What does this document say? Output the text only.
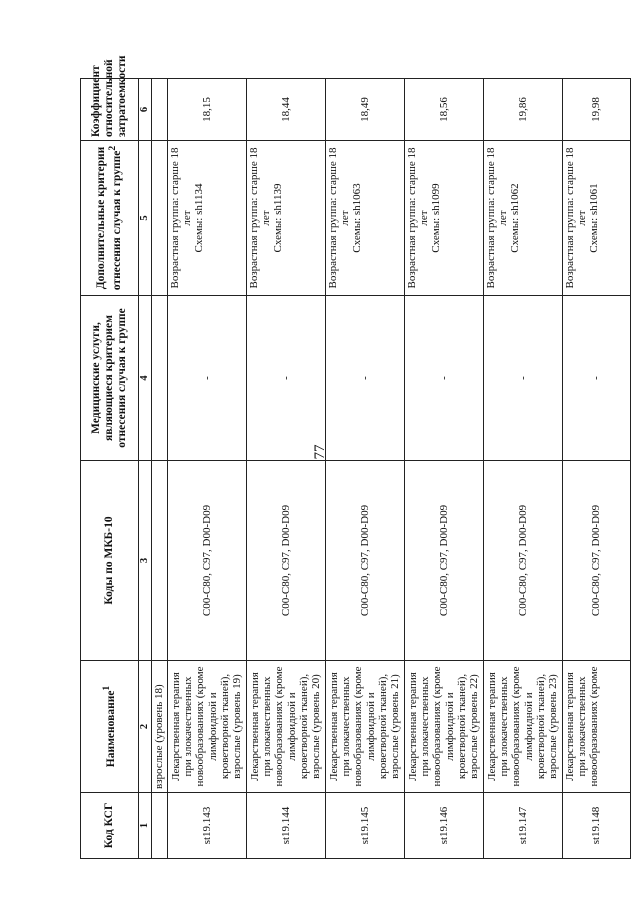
77
Код КСГ	Наименование$^1$	Коды по МКБ-10	Медицинские услуги, являющиеся критерием отнесения случая к группе	Дополнительные критерии отнесения случая к группе$^2$	Коэффициент относительной затратоемкости
1	2	3	4	5	6
	взрослые (уровень 18)				
st19.143	Лекарственная терапия при злокачественных новообразованиях (кроме лимфоидной и кроветворной тканей), взрослые (уровень 19)	C00-C80, C97, D00-D09	-	Возрастная группа: старше 18 лет Схемы: sh1134	18,15
st19.144	Лекарственная терапия при злокачественных новообразованиях (кроме лимфоидной и кроветворной тканей), взрослые (уровень 20)	C00-C80, C97, D00-D09	-	Возрастная группа: старше 18 лет Схемы: sh1139	18,44
st19.145	Лекарственная терапия при злокачественных новообразованиях (кроме лимфоидной и кроветворной тканей), взрослые (уровень 21)	C00-C80, C97, D00-D09	-	Возрастная группа: старше 18 лет Схемы: sh1063	18,49
st19.146	Лекарственная терапия при злокачественных новообразованиях (кроме лимфоидной и кроветворной тканей), взрослые (уровень 22)	C00-C80, C97, D00-D09	-	Возрастная группа: старше 18 лет Схемы: sh1099	18,56
st19.147	Лекарственная терапия при злокачественных новообразованиях (кроме лимфоидной и кроветворной тканей), взрослые (уровень 23)	C00-C80, C97, D00-D09	-	Возрастная группа: старше 18 лет Схемы: sh1062	19,86
st19.148	Лекарственная терапия при злокачественных новообразованиях (кроме	C00-C80, C97, D00-D09	-	Возрастная группа: старше 18 лет Схемы: sh1061	19,98
